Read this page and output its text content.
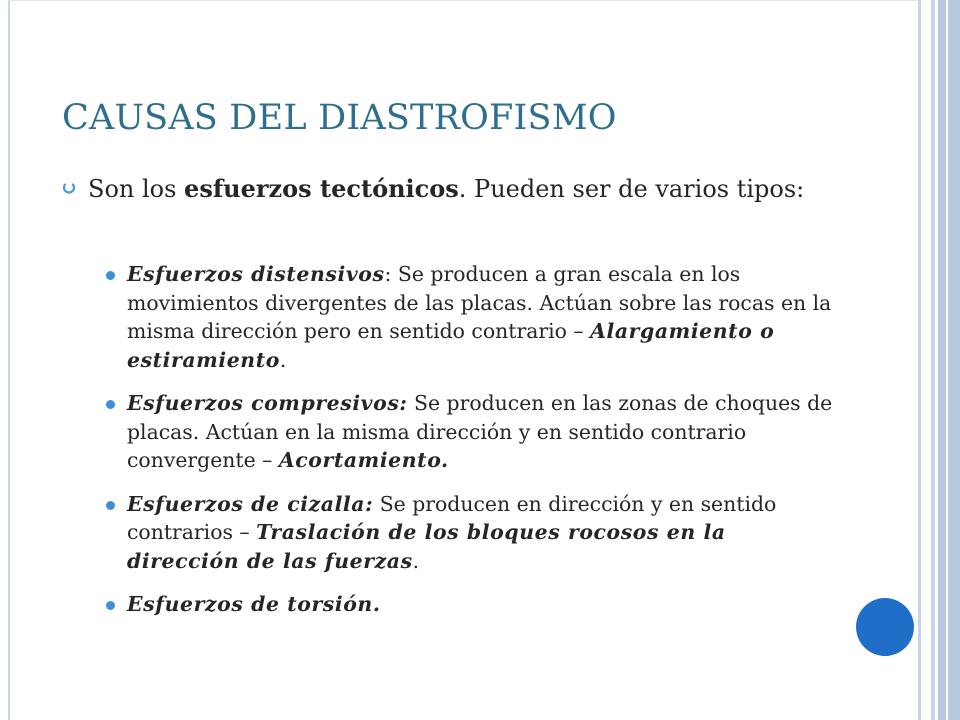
CAUSAS DEL DIASTROFISMO

Son los esfuerzos tectónicos. Pueden ser de varios tipos:

Esfuerzos distensivos: Se producen a gran escala en los movimientos divergentes de las placas. Actúan sobre las rocas en la misma dirección pero en sentido contrario – Alargamiento o estiramiento.
Esfuerzos compresivos: Se producen en las zonas de choques de placas. Actúan en la misma dirección y en sentido contrario convergente – Acortamiento.
Esfuerzos de cizalla: Se producen en dirección y en sentido contrarios – Traslación de los bloques rocosos en la dirección de las fuerzas.
Esfuerzos de torsión.
